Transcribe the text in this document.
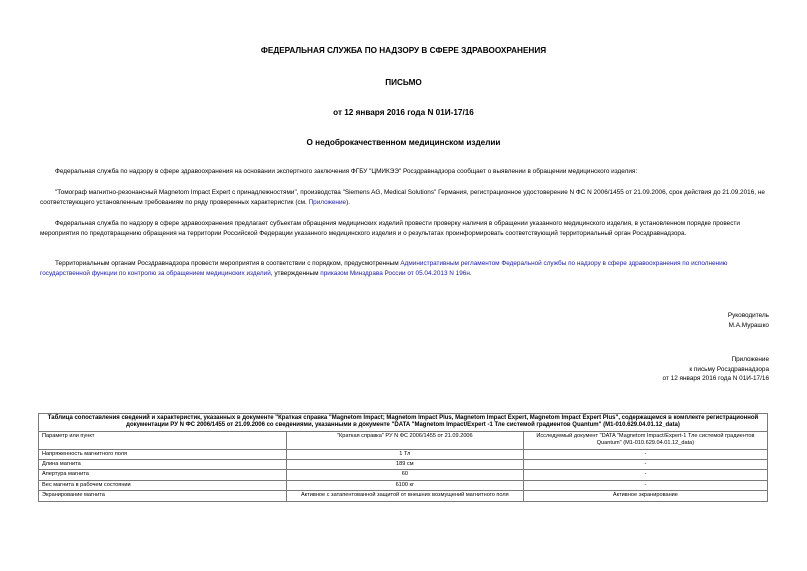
ФЕДЕРАЛЬНАЯ СЛУЖБА ПО НАДЗОРУ В СФЕРЕ ЗДРАВООХРАНЕНИЯ
ПИСЬМО
от 12 января 2016 года N 01И-17/16
О недоброкачественном медицинском изделии
Федеральная служба по надзору в сфере здравоохранения на основании экспертного заключения ФГБУ "ЦМИКЭЭ" Росздравнадзора сообщает о выявлении в обращении медицинского изделия:
"Томограф магнитно-резонансный Magnetom Impact Expert с принадлежностями", производства "Siemens AG, Medical Solutions" Германия, регистрационное удостоверение N ФС N 2006/1455 от 21.09.2006, срок действия до 21.09.2016, не соответствующего установленным требованиям по ряду проверенных характеристик (см. Приложение).
Федеральная служба по надзору в сфере здравоохранения предлагает субъектам обращения медицинских изделий провести проверку наличия в обращении указанного медицинского изделия, в установленном порядке провести мероприятия по предотвращению обращения на территории Российской Федерации указанного медицинского изделия и о результатах проинформировать соответствующий территориальный орган Росздравнадзора.
Территориальным органам Росздравнадзора провести мероприятия в соответствии с порядком, предусмотренным Административным регламентом Федеральной службы по надзору в сфере здравоохранения по исполнению государственной функции по контролю за обращением медицинских изделий, утвержденным приказом Минздрава России от 05.04.2013 N 196н.
Руководитель
М.А.Мурашко
Приложение
к письму Росздравнадзора
от 12 января 2016 года N 01И-17/16
Таблица сопоставления сведений и характеристик, указанных в документе "Краткая справка "Magnetom Impact; Magnetom Impact Plus, Magnetom Impact Expert, Magnetom Impact Expert Plus", содержащемся в комплекте регистрационной документации РУ N ФС 2006/1455 от 21.09.2006 со сведениями, указанными в документе "DATA "Magnetom Impact/Expert -1 Тле системой градиентов Quantum" (М1-010.629.04.01.12_data)		
Параметр или пункт	"Краткая справка" РУ N ФС 2006/1455 от 21.09.2006	Исследуемый документ "DATA "Magnetom Impact/Expert-1 Тле системой градиентов Quantum" (М1-010.629.04.01.12_data)
Напряженность магнитного поля	1 Тл	-
Длина магнита	189 см	-
Апертура магнита	60	-
Вес магнита в рабочем состоянии	6100 кг	-
Экранирование магнита	Активное с затапентованной защитой от внешних возмущений магнитного поля	Активное экранирование
